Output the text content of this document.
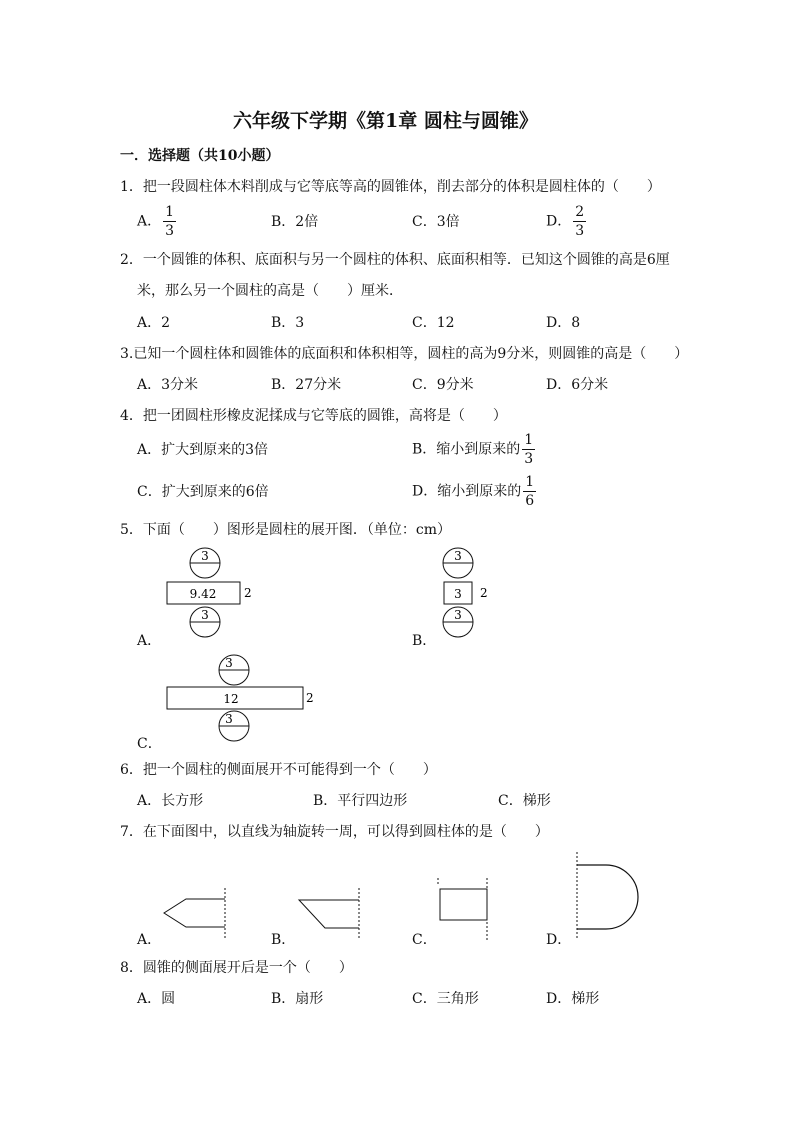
六年级下学期《第1章 圆柱与圆锥》
一．选择题（共10小题）
1．把一段圆柱体木料削成与它等底等高的圆锥体，削去部分的体积是圆柱体的（　　）
A． $\frac{1}{3}$	B．2倍	C．3倍	D． $\frac{2}{3}$
2．一个圆锥的体积、底面积与另一个圆柱的体积、底面积相等．已知这个圆锥的高是6厘
米，那么另一个圆柱的高是（　　）厘米．
A．2	B．3	C．12	D．8
3.已知一个圆柱体和圆锥体的底面积和体积相等，圆柱的高为9分米，则圆锥的高是（　　）
A．3分米	B．27分米	C．9分米	D．6分米
4．把一团圆柱形橡皮泥揉成与它等底的圆锥，高将是（　　）
A．扩大到原来的3倍	B．缩小到原来的 $\frac{1}{3}$
C．扩大到原来的6倍	D．缩小到原来的 $\frac{1}{6}$
5．下面（　　）图形是圆柱的展开图．（单位：cm）
3
9.42 2
3
A．
3
3 2
3
B．
3
12	2
3
C．
6．把一个圆柱的侧面展开不可能得到一个（　　）
A．长方形	B．平行四边形	C．梯形
7．在下面图中，以直线为轴旋转一周，可以得到圆柱体的是（　　）
A．	B．	C．	D．
8．圆锥的侧面展开后是一个（　　）
A．圆	B．扇形	C．三角形	D．梯形
